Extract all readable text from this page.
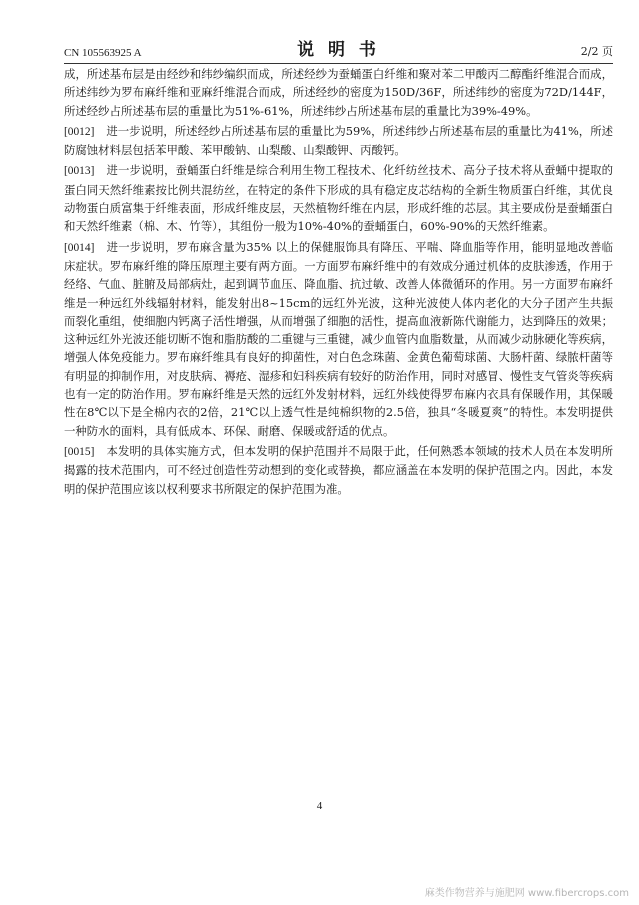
CN 105563925 A	说 明 书	2/2 页

成，所述基布层是由经纱和纬纱编织而成，所述经纱为蚕蛹蛋白纤维和聚对苯二甲酸丙二醇酯纤维混合而成，所述纬纱为罗布麻纤维和亚麻纤维混合而成，所述经纱的密度为150D/36F，所述纬纱的密度为72D/144F，所述经纱占所述基布层的重量比为51%-61%，所述纬纱占所述基布层的重量比为39%-49%。

[0012] 进一步说明，所述经纱占所述基布层的重量比为59%，所述纬纱占所述基布层的重量比为41%，所述防腐蚀材料层包括苯甲酸、苯甲酸钠、山梨酸、山梨酸钾、丙酸钙。

[0013] 进一步说明，蚕蛹蛋白纤维是综合利用生物工程技术、化纤纺丝技术、高分子技术将从蚕蛹中提取的蛋白同天然纤维素按比例共混纺丝，在特定的条件下形成的具有稳定皮芯结构的全新生物质蛋白纤维，其优良动物蛋白质富集于纤维表面，形成纤维皮层，天然植物纤维在内层，形成纤维的芯层。其主要成份是蚕蛹蛋白和天然纤维素（棉、木、竹等），其组份一般为10%-40%的蚕蛹蛋白，60%-90%的天然纤维素。

[0014] 进一步说明，罗布麻含量为35% 以上的保健服饰具有降压、平喘、降血脂等作用，能明显地改善临床症状。罗布麻纤维的降压原理主要有两方面。一方面罗布麻纤维中的有效成分通过机体的皮肤渗透，作用于经络、气血、脏腑及局部病灶，起到调节血压、降血脂、抗过敏、改善人体微循环的作用。另一方面罗布麻纤维是一种远红外线辐射材料，能发射出8~15cm的远红外光波，这种光波使人体内老化的大分子团产生共振而裂化重组，使细胞内钙离子活性增强，从而增强了细胞的活性，提高血液新陈代谢能力，达到降压的效果；这种远红外光波还能切断不饱和脂肪酸的二重键与三重键，减少血管内血脂数量，从而减少动脉硬化等疾病，增强人体免疫能力。罗布麻纤维具有良好的抑菌性，对白色念珠菌、金黄色葡萄球菌、大肠杆菌、绿脓杆菌等有明显的抑制作用，对皮肤病、褥疮、湿疹和妇科疾病有较好的防治作用，同时对感冒、慢性支气管炎等疾病也有一定的防治作用。罗布麻纤维是天然的远红外发射材料，远红外线使得罗布麻内衣具有保暖作用，其保暖性在8℃以下是全棉内衣的2倍，21℃以上透气性是纯棉织物的2.5倍，独具“冬暖夏爽”的特性。本发明提供一种防水的面料，具有低成本、环保、耐磨、保暖或舒适的优点。

[0015] 本发明的具体实施方式，但本发明的保护范围并不局限于此，任何熟悉本领域的技术人员在本发明所揭露的技术范围内，可不经过创造性劳动想到的变化或替换，都应涵盖在本发明的保护范围之内。因此，本发明的保护范围应该以权利要求书所限定的保护范围为准。

4
麻类作物营养与施肥网 www.fibercrops.com
